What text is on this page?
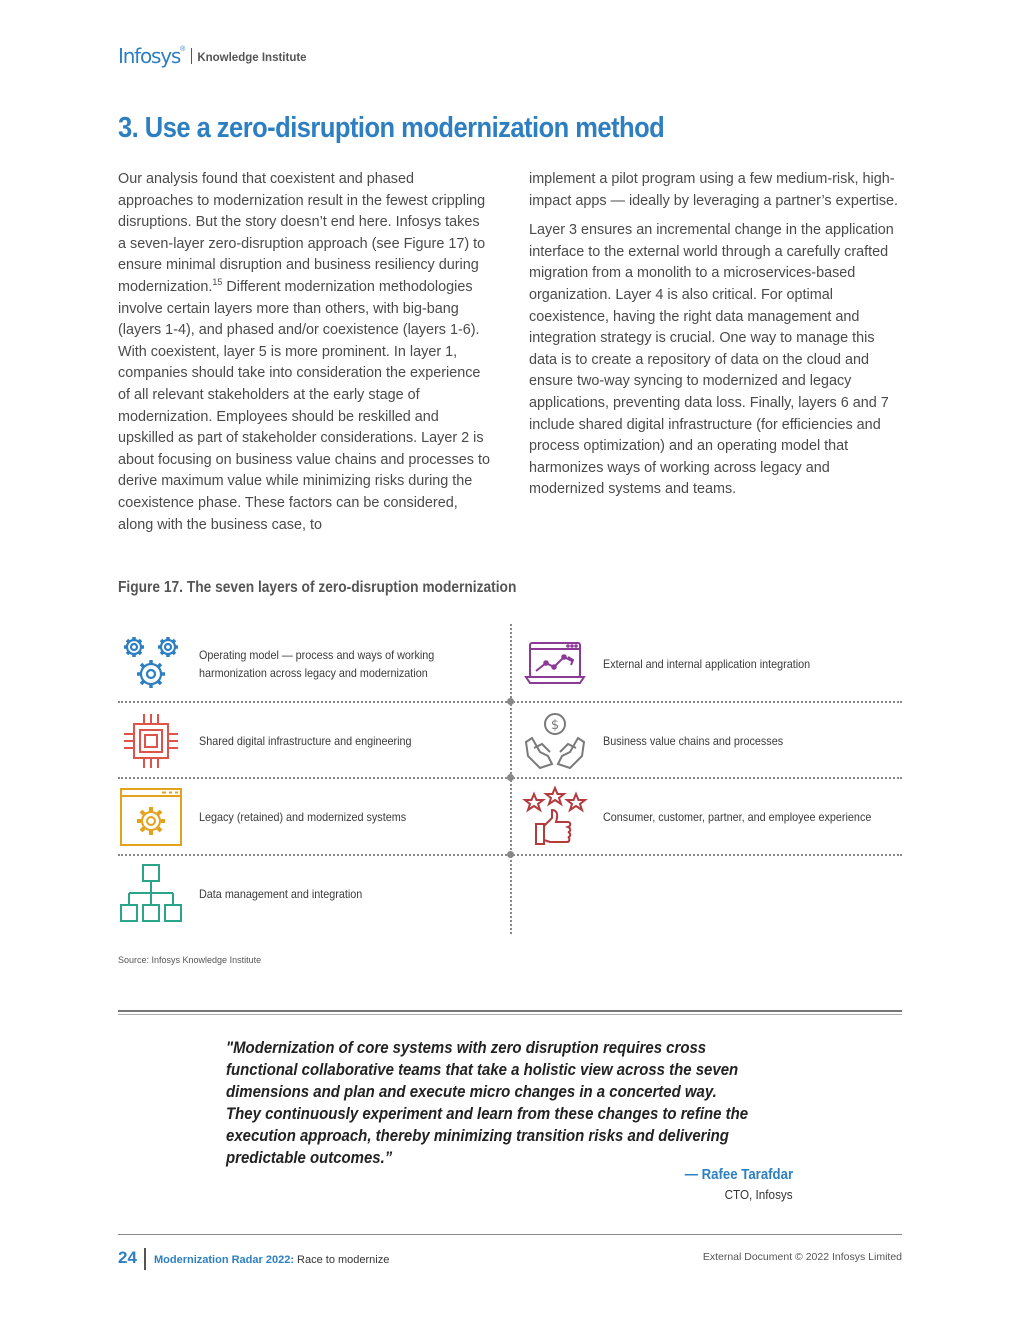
Infosys ®
Knowledge Institute
3. Use a zero-disruption modernization method

Our analysis found that coexistent and phased approaches to modernization result in the fewest crippling disruptions. But the story doesn’t end here. Infosys takes a seven-layer zero-disruption approach (see Figure 17) to ensure minimal disruption and business resiliency during modernization.$^{15}$ Different modernization methodologies involve certain layers more than others, with big-bang (layers 1-4), and phased and/or coexistence (layers 1-6). With coexistent, layer 5 is more prominent. In layer 1, companies should take into consideration the experience of all relevant stakeholders at the early stage of modernization. Employees should be reskilled and upskilled as part of stakeholder considerations. Layer 2 is about focusing on business value chains and processes to derive maximum value while minimizing risks during the coexistence phase. These factors can be considered, along with the business case, to

implement a pilot program using a few medium-risk, high-impact apps — ideally by leveraging a partner’s expertise.

Layer 3 ensures an incremental change in the application interface to the external world through a carefully crafted migration from a monolith to a microservices-based organization. Layer 4 is also critical. For optimal coexistence, having the right data management and integration strategy is crucial. One way to manage this data is to create a repository of data on the cloud and ensure two-way syncing to modernized and legacy applications, preventing data loss. Finally, layers 6 and 7 include shared digital infrastructure (for efficiencies and process optimization) and an operating model that harmonizes ways of working across legacy and modernized systems and teams.

Figure 17. The seven layers of zero-disruption modernization
Operating model — process and ways of working harmonization across legacy and modernization
External and internal application integration
Shared digital infrastructure and engineering
$
Business value chains and processes
Legacy (retained) and modernized systems	Consumer, customer, partner, and employee experience
Data management and integration
Source: Infosys Knowledge Institute

"Modernization of core systems with zero disruption requires cross functional collaborative teams that take a holistic view across the seven dimensions and plan and execute micro changes in a concerted way. They continuously experiment and learn from these changes to refine the execution approach, thereby minimizing transition risks and delivering predictable outcomes.”

— Rafee Tarafdar
CTO, Infosys
24 Modernization Radar 2022: Race to modernize	External Document © 2022 Infosys Limited
